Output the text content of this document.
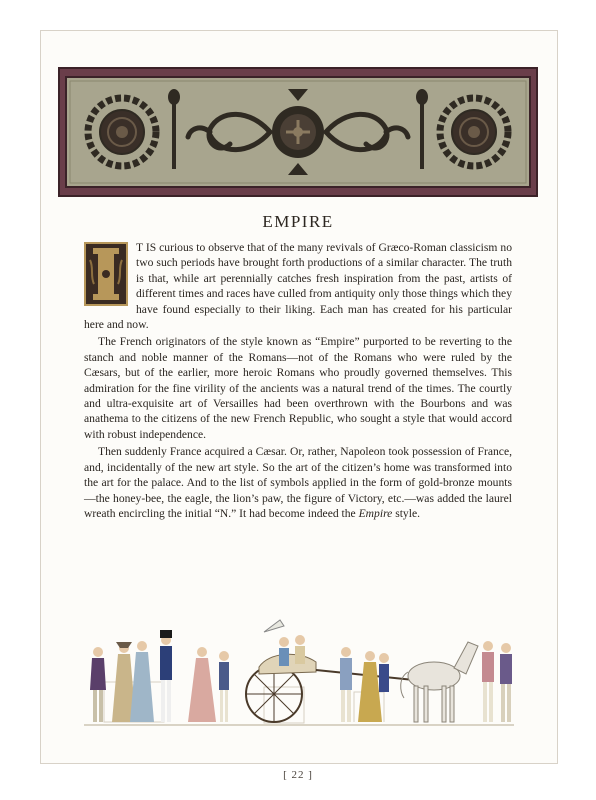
EMPIRE

T IS curious to observe that of the many revivals of Græco-Roman classicism no two such periods have brought forth productions of a similar character. The truth is that, while art perennially catches fresh inspiration from the past, artists of different times and races have culled from antiquity only those things which they have found especially to their liking. Each man has created for his particular here and now.

The French originators of the style known as “Empire” purported to be reverting to the stanch and noble manner of the Romans—not of the Romans who were ruled by the Cæsars, but of the earlier, more heroic Romans who proudly governed themselves. This admiration for the fine virility of the ancients was a natural trend of the times. The courtly and ultra-exquisite art of Versailles had been overthrown with the Bourbons and was anathema to the citizens of the new French Republic, who sought a style that would accord with robust independence.

Then suddenly France acquired a Cæsar. Or, rather, Napoleon took possession of France, and, incidentally of the new art style. So the art of the citizen’s home was transformed into the art for the palace. And to the list of symbols applied in the form of gold-bronze mounts—the honey-bee, the eagle, the lion’s paw, the figure of Victory, etc.—was added the laurel wreath encircling the initial “N.” It had become indeed the Empire style.

[ 22 ]
